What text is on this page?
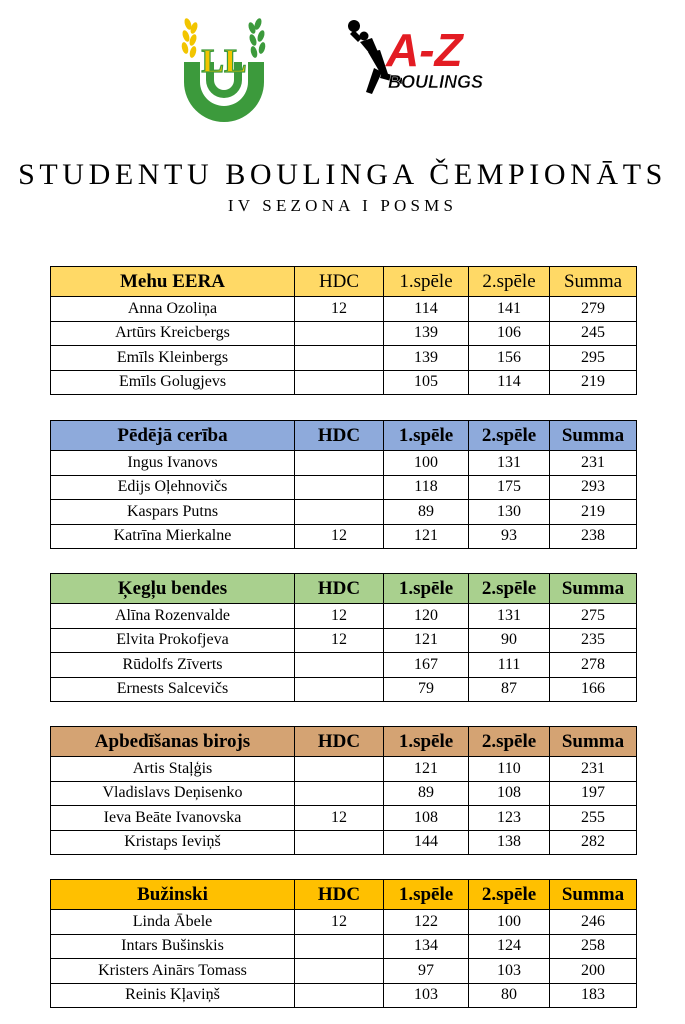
LL	A-Z
BOULINGS
STUDENTU BOULINGA ČEMPIONĀTS
IV SEZONA I POSMS
Mehu EERA	HDC	1.spēle	2.spēle	Summa
Anna Ozoliņa	12	114	141	279
Artūrs Kreicbergs		139	106	245
Emīls Kleinbergs		139	156	295
Emīls Golugjevs		105	114	219
Pēdējā cerība	HDC	1.spēle	2.spēle	Summa
Ingus Ivanovs		100	131	231
Edijs Oļehnovičs		118	175	293
Kaspars Putns		89	130	219
Katrīna Mierkalne	12	121	93	238
Ķegļu bendes	HDC	1.spēle	2.spēle	Summa
Alīna Rozenvalde	12	120	131	275
Elvita Prokofjeva	12	121	90	235
Rūdolfs Zīverts		167	111	278
Ernests Salcevičs		79	87	166
Apbedīšanas birojs	HDC	1.spēle	2.spēle	Summa
Artis Staļģis		121	110	231
Vladislavs Deņisenko		89	108	197
Ieva Beāte Ivanovska	12	108	123	255
Kristaps Ieviņš		144	138	282
Bužinski	HDC	1.spēle	2.spēle	Summa
Linda Ābele	12	122	100	246
Intars Bušinskis		134	124	258
Kristers Ainārs Tomass		97	103	200
Reinis Kļaviņš		103	80	183
